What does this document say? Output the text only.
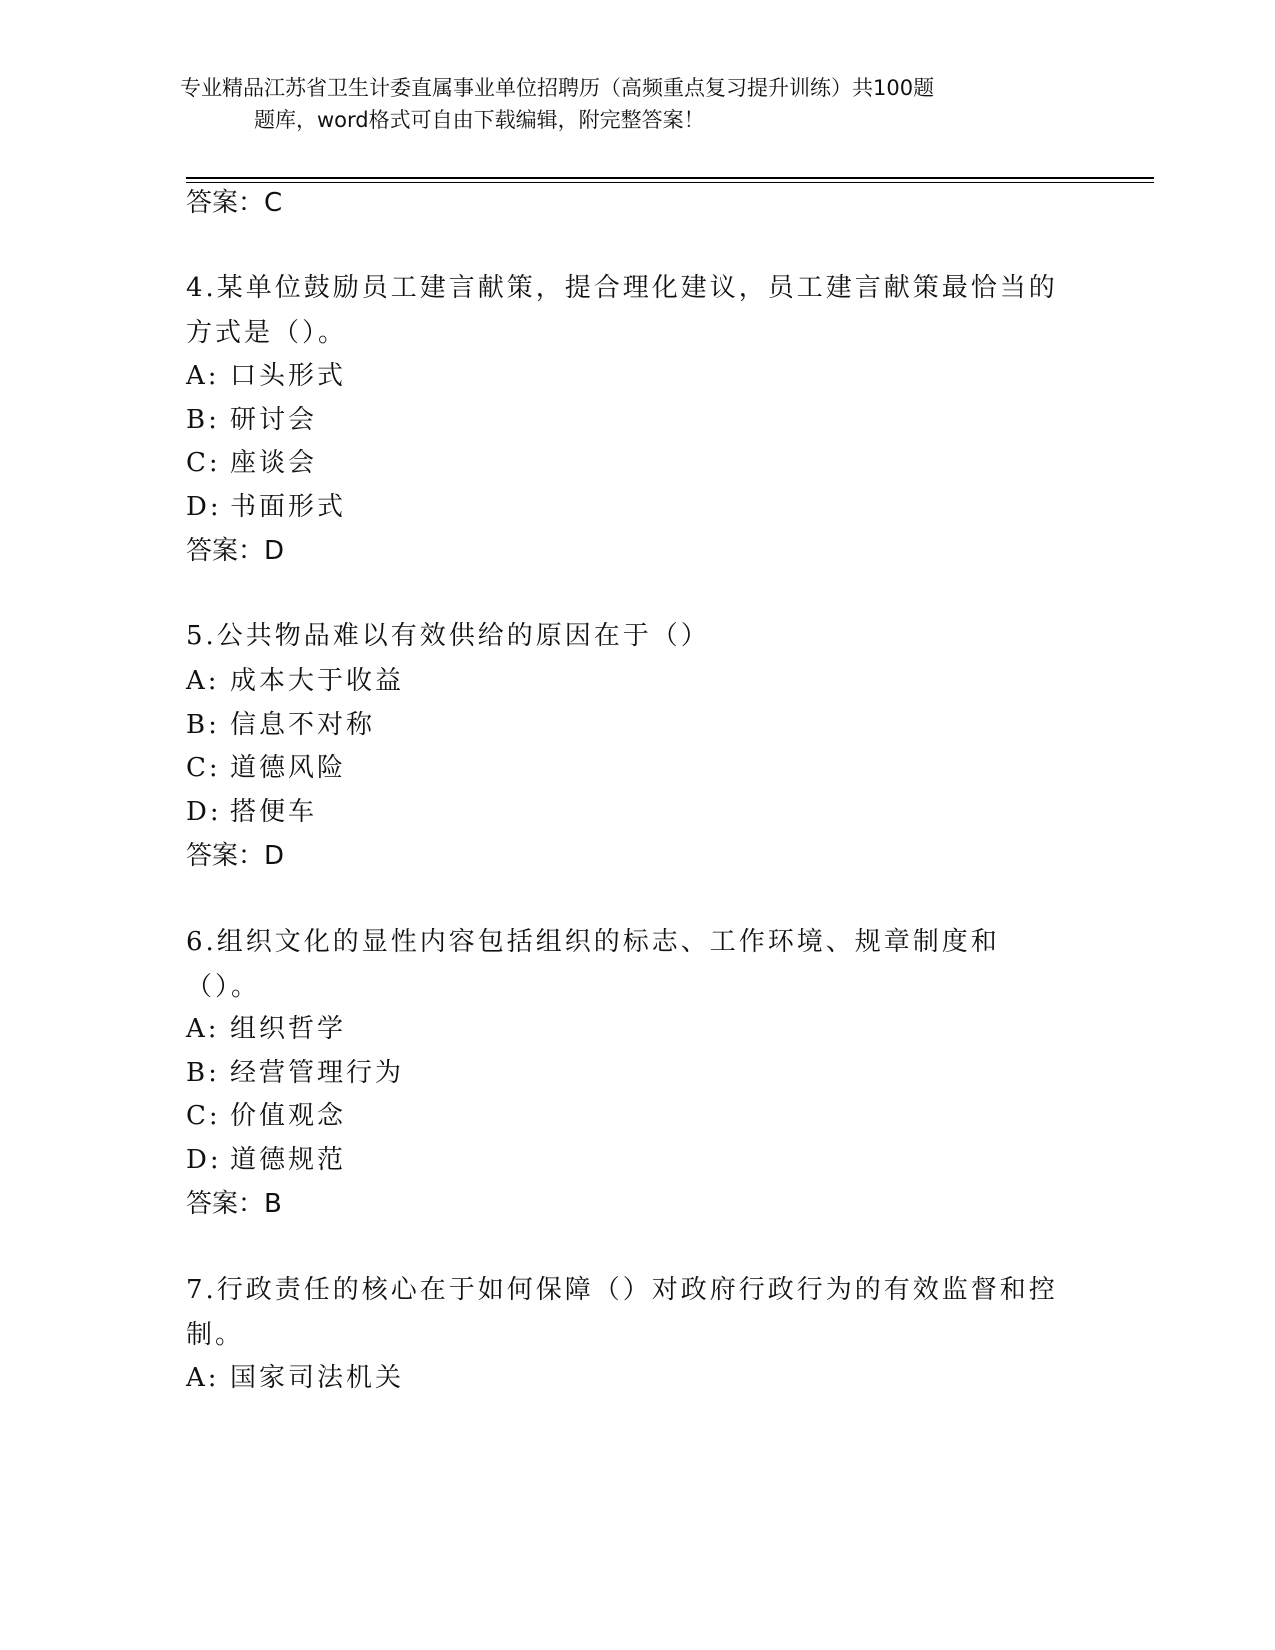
专业精品江苏省卫生计委直属事业单位招聘历（高频重点复习提升训练）共100题
题库，word格式可自由下载编辑，附完整答案！
答案：C
4.某单位鼓励员工建言献策，提合理化建议，员工建言献策最恰当的方式是（）。
A: 口头形式
B: 研讨会
C: 座谈会
D: 书面形式
答案：D
5.公共物品难以有效供给的原因在于（）
A: 成本大于收益
B: 信息不对称
C: 道德风险
D: 搭便车
答案：D
6.组织文化的显性内容包括组织的标志、工作环境、规章制度和（）。
A: 组织哲学
B: 经营管理行为
C: 价值观念
D: 道德规范
答案：B
7.行政责任的核心在于如何保障（）对政府行政行为的有效监督和控制。
A: 国家司法机关
